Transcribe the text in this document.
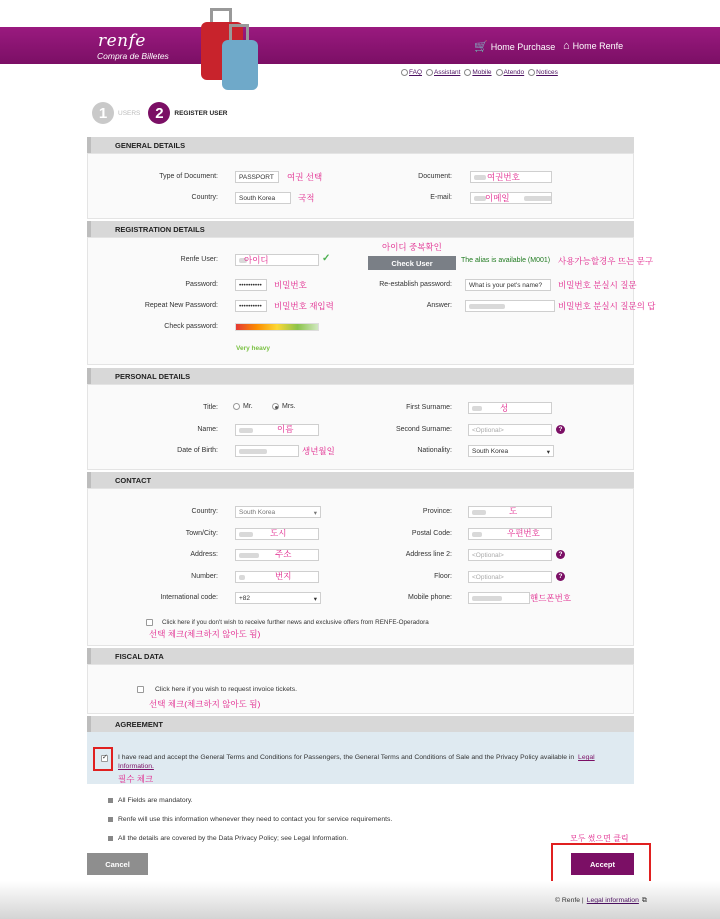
renfe
Compra de Billetes
🛒 Home Purchase ⌂ Home Renfe
FAQ	Assistant	Mobile	Atendo	Notices
1	USERS 2	REGISTER USER
GENERAL DETAILS
Type of Document:	PASSPORT	여권 선택	Document:	여권번호
Country:	South Korea	국적	E-mail:	이메일
REGISTRATION DETAILS
Renfe User:	아이디	✓
아이디 중복확인
Check User	The alias is available (M001) 사용가능할경우 뜨는 문구
Password:	••••••••••	비밀번호	Re-establish password:	What is your pet's name?	비밀번호 분실시 질문
Repeat New Password:	••••••••••	비밀번호 재입력	Answer:	비밀번호 분실시 질문의 답
Check password:
Very heavy
PERSONAL DETAILS
Title:	Mr.	Mrs.	First Surname:	성
Name:	이름	Second Surname:	<Optional>	?
Date of Birth:	생년월일	Nationality:	South Korea	▾
CONTACT
Country:	South Korea	▾	Province:	도
Town/City:	도시	Postal Code:	우편번호
Address:	주소	Address line 2:	<Optional>	?
Number:	번지	Floor:	<Optional>	?
International code:	+82	▾	Mobile phone:	핸드폰번호
Click here if you don't wish to receive further news and exclusive offers from RENFE-Operadora
선택 체크(체크하지 않아도 됨)
FISCAL DATA
Click here if you wish to request invoice tickets.
선택 체크(체크하지 않아도 됨)
AGREEMENT
✓ I have read and accept the General Terms and Conditions for Passengers, the General Terms and Conditions of Sale and the Privacy Policy available in Legal
Information.
필수 체크
All Fields are mandatory.
Renfe will use this information whenever they need to contact you for service requirements.
All the details are covered by the Data Privacy Policy; see Legal Information.
Cancel
모두 썼으면 클릭
Accept
© Renfe | Legal information ⧉
